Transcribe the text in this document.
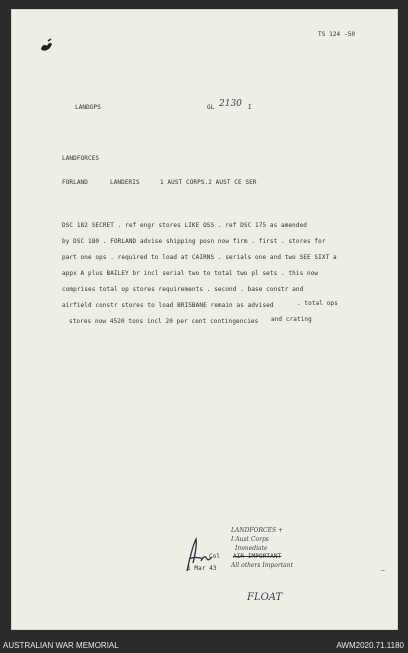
TS 124 -50
LANDOPS	GL 2130 I
LANDFORCES
FORLAND	LANDERIS	1 AUST CORPS.2 AUST CE SER
DSC 182 SECRET . ref engr stores LIKE OSS . ref DSC 175 as amended
by DSC 180 . FORLAND advise shipping posn now firm . first . stores for
part one ops . required to load at CAIRNS . serials one and two SEE SIXT a
appx A plus BAILEY br incl serial two to total two pl sets . this now
comprises total op stores requirements . second . base constr and
airfield constr stores to load BRISBANE remain as advised	. total ops
stores now 4520 tons incl 20 per cent contingencies and crating
LANDFORCES +
I Aust Corps
Immediate
All others Important
Col AIR IMPORTANT
1 Mar 43	—
FLOAT
AUSTRALIAN WAR MEMORIAL	AWM2020.71.1180
